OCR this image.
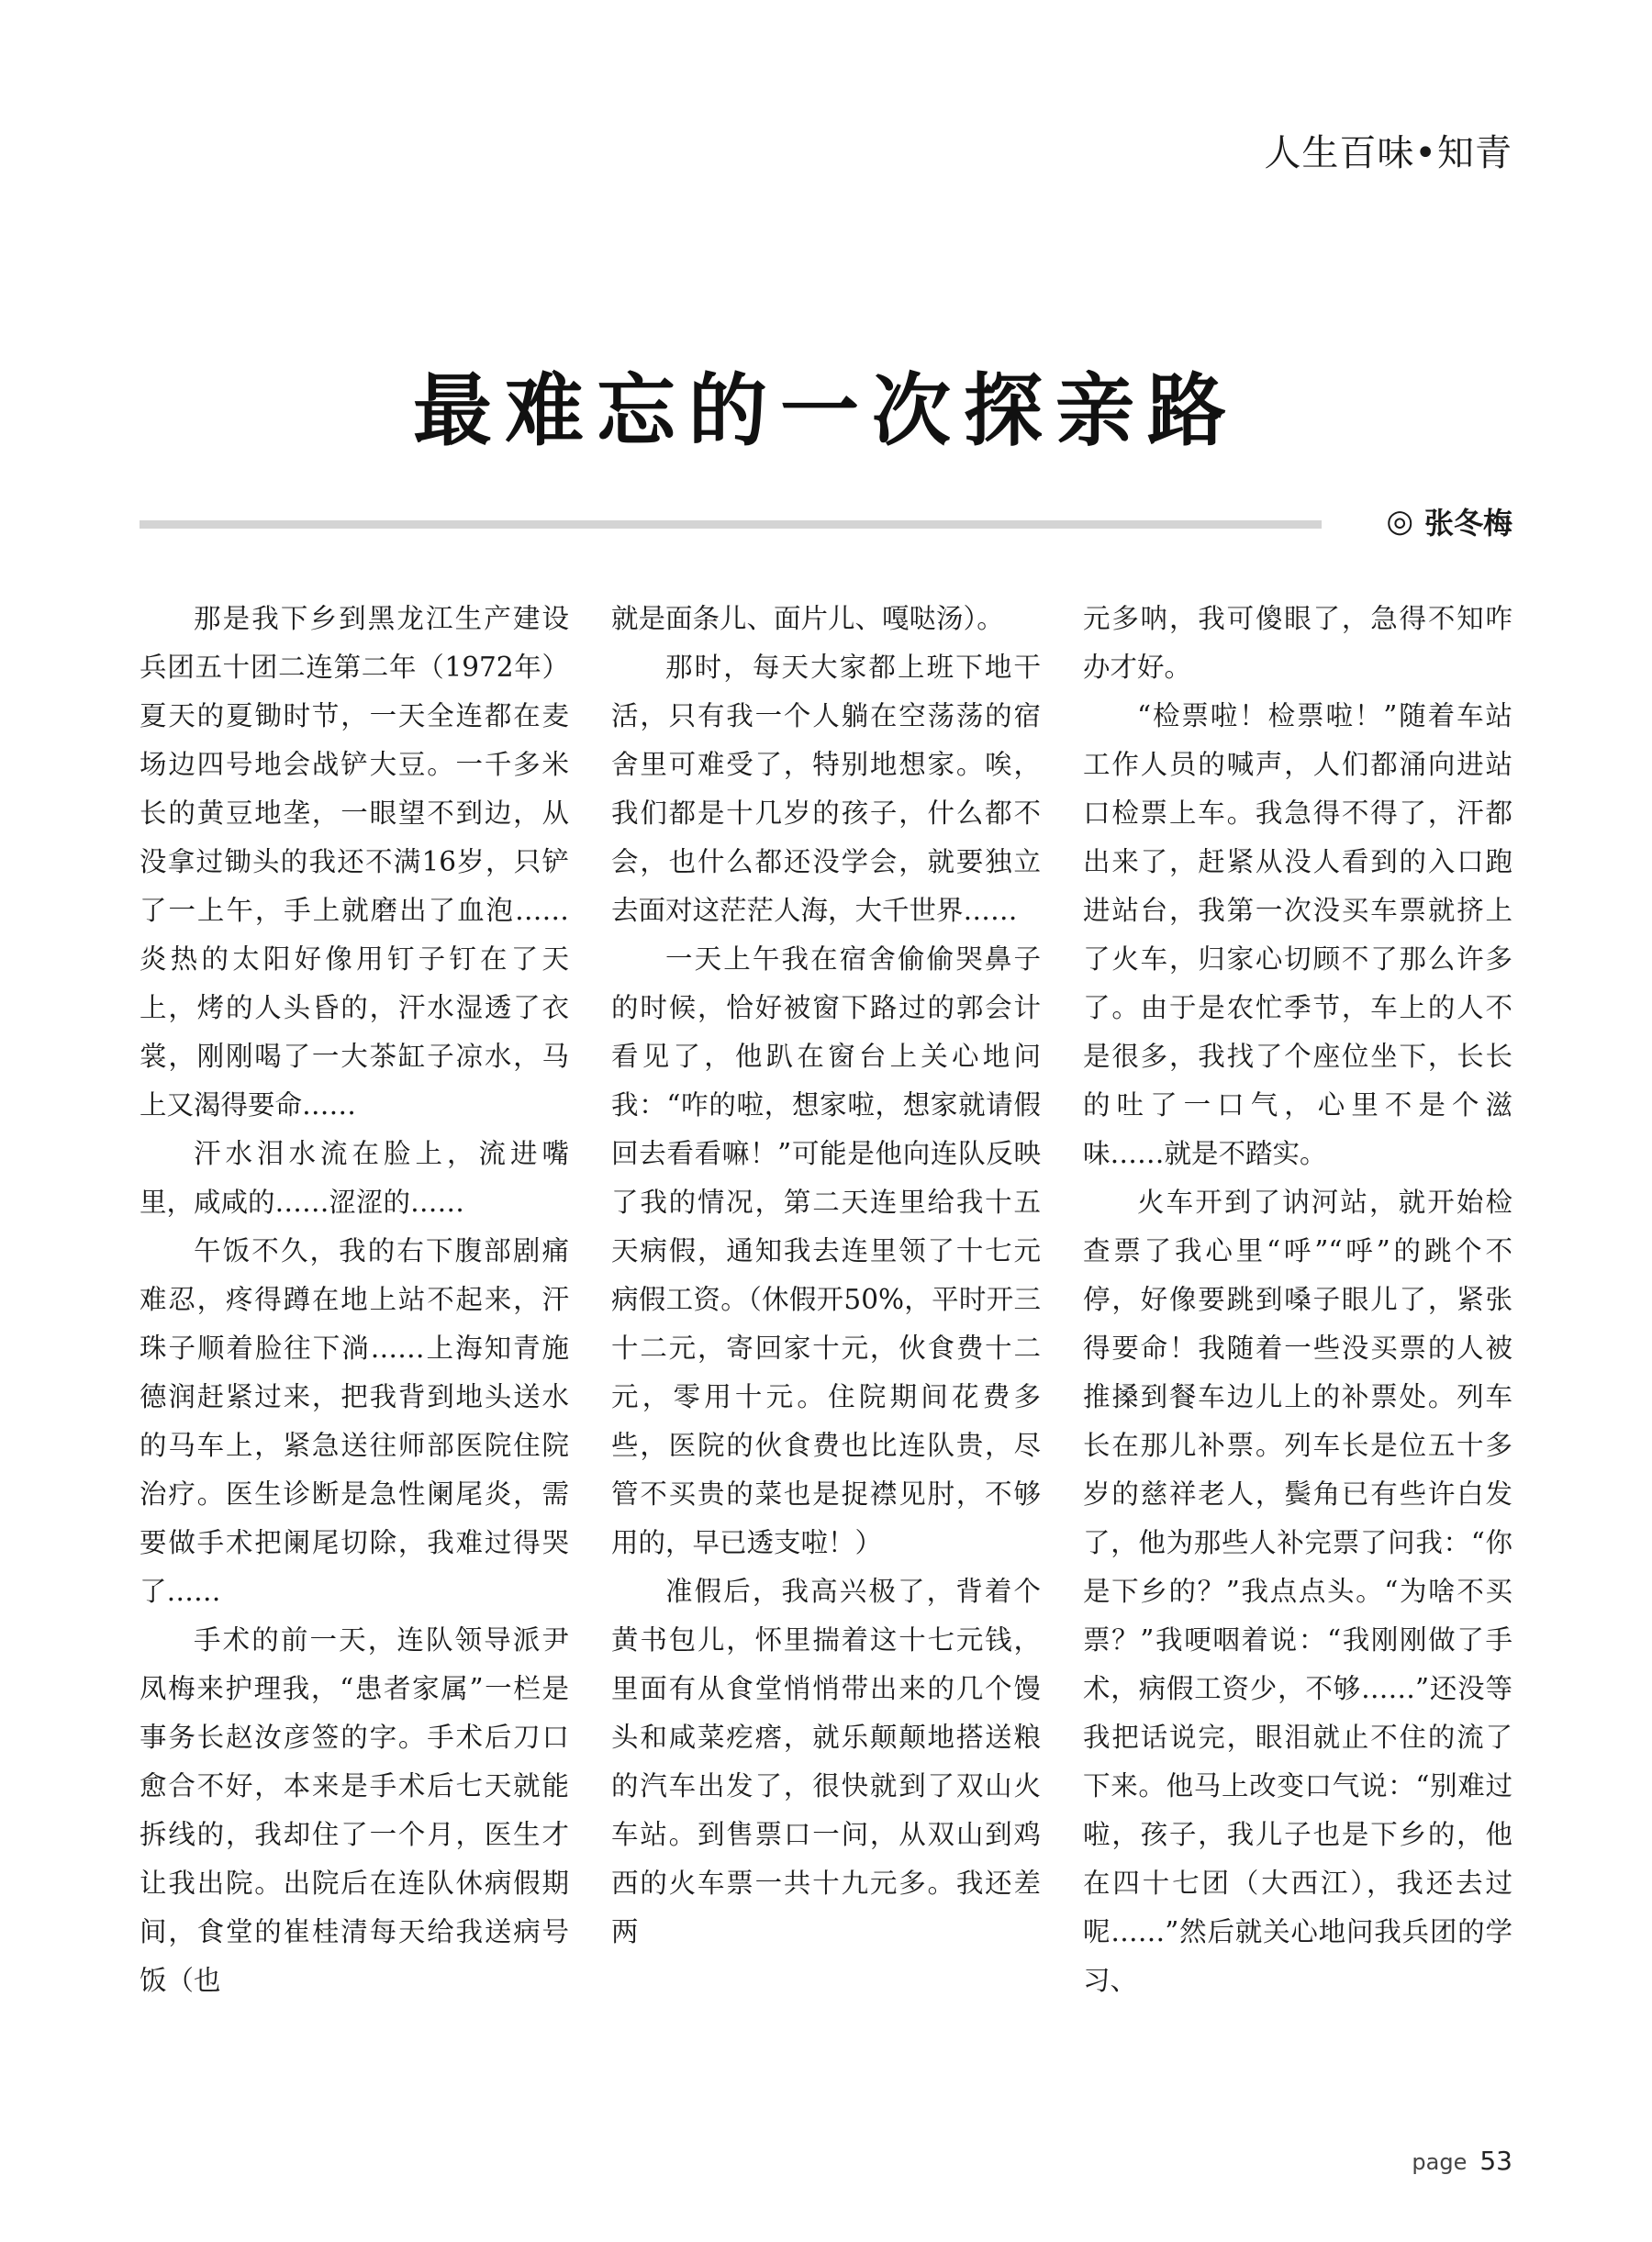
人生百味•知青
最难忘的一次探亲路
◎ 张冬梅

那是我下乡到黑龙江生产建设兵团五十团二连第二年（1972年）夏天的夏锄时节，一天全连都在麦场边四号地会战铲大豆。一千多米长的黄豆地垄，一眼望不到边，从没拿过锄头的我还不满16岁，只铲了一上午，手上就磨出了血泡……炎热的太阳好像用钉子钉在了天上，烤的人头昏的，汗水湿透了衣裳，刚刚喝了一大茶缸子凉水，马上又渴得要命……

汗水泪水流在脸上，流进嘴里，咸咸的……涩涩的……

午饭不久，我的右下腹部剧痛难忍，疼得蹲在地上站不起来，汗珠子顺着脸往下淌……上海知青施德润赶紧过来，把我背到地头送水的马车上，紧急送往师部医院住院治疗。医生诊断是急性阑尾炎，需要做手术把阑尾切除，我难过得哭了……

手术的前一天，连队领导派尹凤梅来护理我，“患者家属”一栏是事务长赵汝彦签的字。手术后刀口愈合不好，本来是手术后七天就能拆线的，我却住了一个月，医生才让我出院。出院后在连队休病假期间，食堂的崔桂清每天给我送病号饭（也

就是面条儿、面片儿、嘎哒汤）。

那时，每天大家都上班下地干活，只有我一个人躺在空荡荡的宿舍里可难受了，特别地想家。唉，我们都是十几岁的孩子，什么都不会，也什么都还没学会，就要独立去面对这茫茫人海，大千世界……

一天上午我在宿舍偷偷哭鼻子的时候，恰好被窗下路过的郭会计看见了，他趴在窗台上关心地问我：“咋的啦，想家啦，想家就请假回去看看嘛！”可能是他向连队反映了我的情况，第二天连里给我十五天病假，通知我去连里领了十七元病假工资。（休假开50%，平时开三十二元，寄回家十元，伙食费十二元，零用十元。住院期间花费多些，医院的伙食费也比连队贵，尽管不买贵的菜也是捉襟见肘，不够用的，早已透支啦！）

准假后，我高兴极了，背着个黄书包儿，怀里揣着这十七元钱，里面有从食堂悄悄带出来的几个馒头和咸菜疙瘩，就乐颠颠地搭送粮的汽车出发了，很快就到了双山火车站。到售票口一问，从双山到鸡西的火车票一共十九元多。我还差两

元多呐，我可傻眼了，急得不知咋办才好。

“检票啦！检票啦！”随着车站工作人员的喊声，人们都涌向进站口检票上车。我急得不得了，汗都出来了，赶紧从没人看到的入口跑进站台，我第一次没买车票就挤上了火车，归家心切顾不了那么许多了。由于是农忙季节，车上的人不是很多，我找了个座位坐下，长长的吐了一口气，心里不是个滋味……就是不踏实。

火车开到了讷河站，就开始检查票了我心里“呼”“呼”的跳个不停，好像要跳到嗓子眼儿了，紧张得要命！我随着一些没买票的人被推搡到餐车边儿上的补票处。列车长在那儿补票。列车长是位五十多岁的慈祥老人，鬓角已有些许白发了，他为那些人补完票了问我：“你是下乡的？”我点点头。“为啥不买票？”我哽咽着说：“我刚刚做了手术，病假工资少，不够……”还没等我把话说完，眼泪就止不住的流了下来。他马上改变口气说：“别难过啦，孩子，我儿子也是下乡的，他在四十七团（大西江），我还去过呢……”然后就关心地问我兵团的学习、

page 53
